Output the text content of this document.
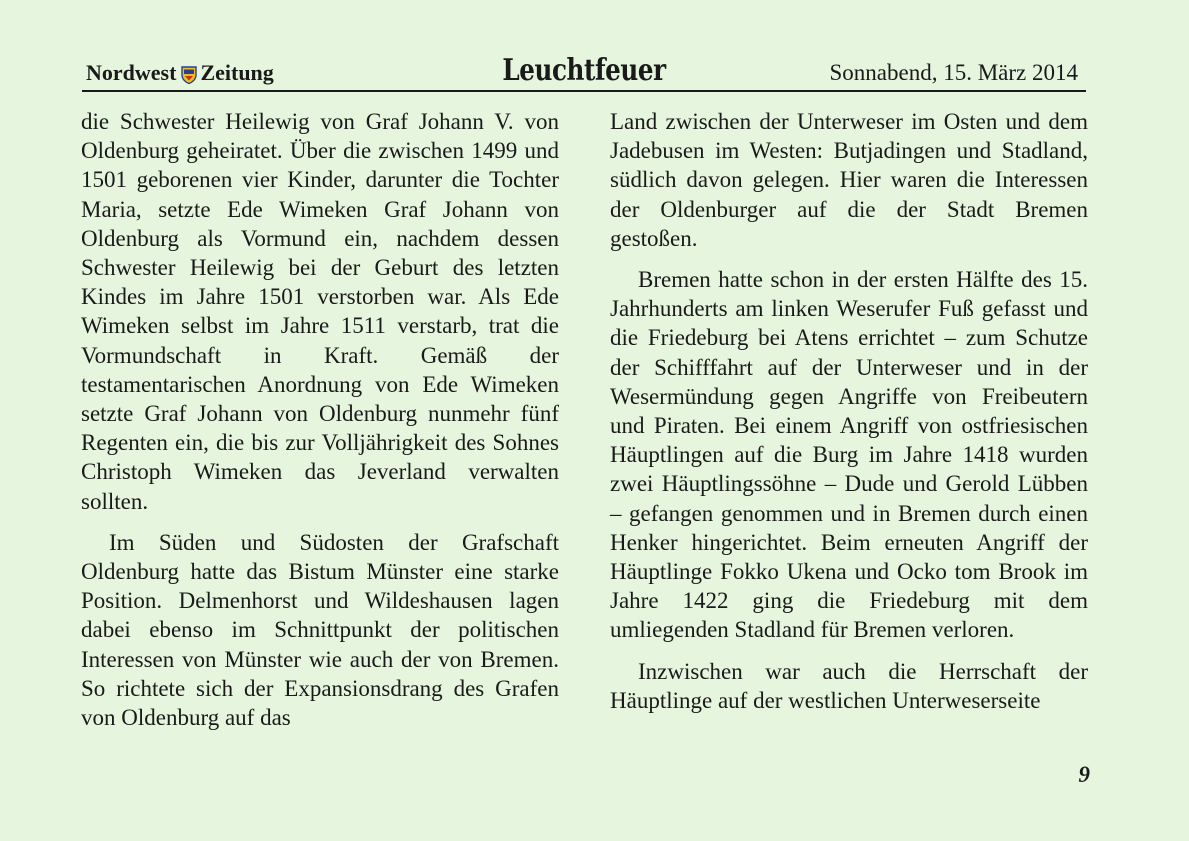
Nordwest Zeitung	Leuchtfeuer	Sonnabend, 15. März 2014

die Schwester Heilewig von Graf Johann V. von Oldenburg geheiratet. Über die zwischen 1499 und 1501 geborenen vier Kinder, darunter die Tochter Maria, setzte Ede Wimeken Graf Johann von Oldenburg als Vormund ein, nachdem dessen Schwester Heilewig bei der Geburt des letzten Kindes im Jahre 1501 verstorben war. Als Ede Wimeken selbst im Jahre 1511 verstarb, trat die Vormundschaft in Kraft. Gemäß der testamentarischen Anordnung von Ede Wimeken setzte Graf Johann von Oldenburg nunmehr fünf Regenten ein, die bis zur Volljährigkeit des Sohnes Christoph Wimeken das Jeverland verwalten sollten.

Im Süden und Südosten der Grafschaft Oldenburg hatte das Bistum Münster eine starke Position. Delmenhorst und Wildeshausen lagen dabei ebenso im Schnittpunkt der politischen Interessen von Münster wie auch der von Bremen. So richtete sich der Expansionsdrang des Grafen von Oldenburg auf das

Land zwischen der Unterweser im Osten und dem Jadebusen im Westen: Butjadingen und Stadland, südlich davon gelegen. Hier waren die Interessen der Oldenburger auf die der Stadt Bremen gestoßen.

Bremen hatte schon in der ersten Hälfte des 15. Jahrhunderts am linken Weserufer Fuß gefasst und die Friedeburg bei Atens errichtet – zum Schutze der Schifffahrt auf der Unterweser und in der Wesermündung gegen Angriffe von Freibeutern und Piraten. Bei einem Angriff von ostfriesischen Häuptlingen auf die Burg im Jahre 1418 wurden zwei Häuptlingssöhne – Dude und Gerold Lübben – gefangen genommen und in Bremen durch einen Henker hingerichtet. Beim erneuten Angriff der Häuptlinge Fokko Ukena und Ocko tom Brook im Jahre 1422 ging die Friedeburg mit dem umliegenden Stadland für Bremen verloren.

Inzwischen war auch die Herrschaft der Häuptlinge auf der westlichen Unterweserseite

9
